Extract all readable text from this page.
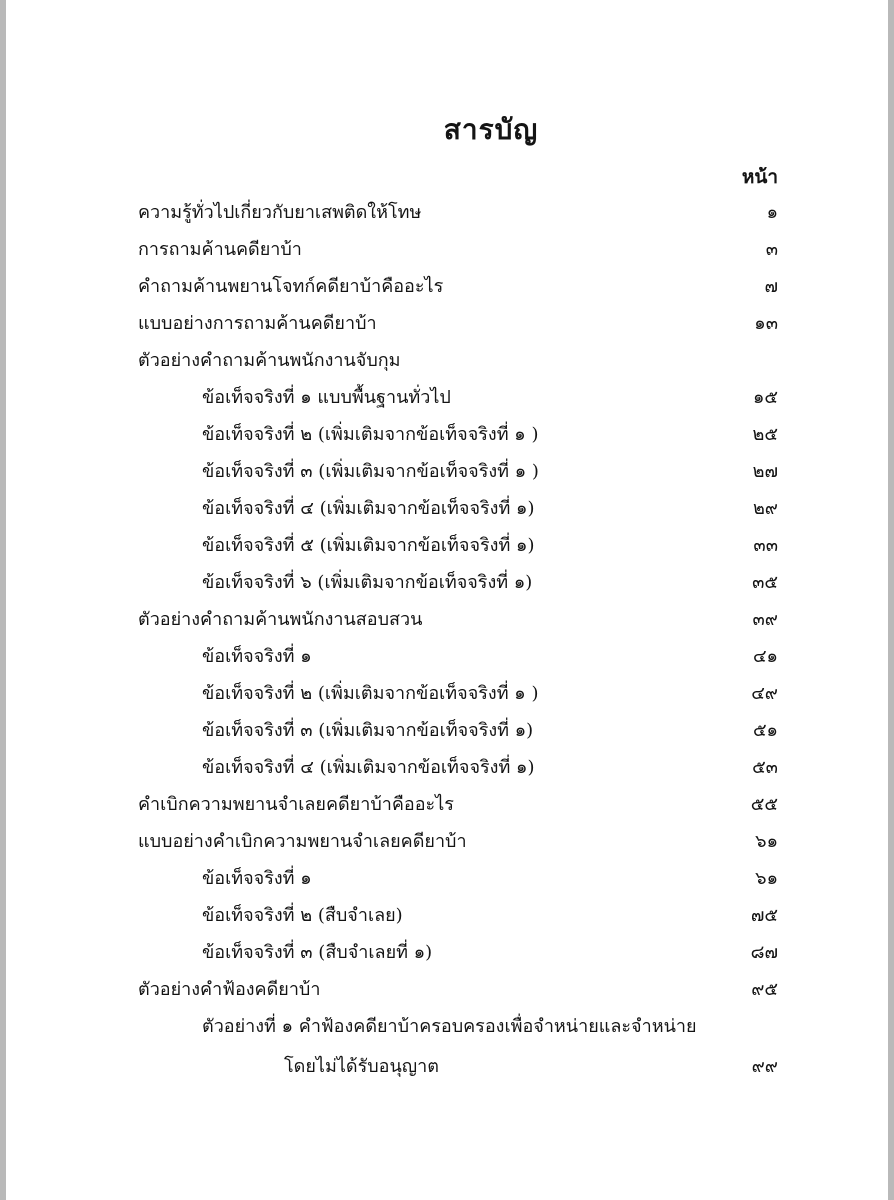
สารบัญ
หน้า
ความรู้ทั่วไปเกี่ยวกับยาเสพติดให้โทษ	๑
การถามค้านคดียาบ้า	๓
คำถามค้านพยานโจทก์คดียาบ้าคืออะไร	๗
แบบอย่างการถามค้านคดียาบ้า	๑๓
ตัวอย่างคำถามค้านพนักงานจับกุม
ข้อเท็จจริงที่ ๑ แบบพื้นฐานทั่วไป	๑๕
ข้อเท็จจริงที่ ๒ (เพิ่มเติมจากข้อเท็จจริงที่ ๑ )	๒๕
ข้อเท็จจริงที่ ๓ (เพิ่มเติมจากข้อเท็จจริงที่ ๑ )	๒๗
ข้อเท็จจริงที่ ๔ (เพิ่มเติมจากข้อเท็จจริงที่ ๑)	๒๙
ข้อเท็จจริงที่ ๕ (เพิ่มเติมจากข้อเท็จจริงที่ ๑)	๓๓
ข้อเท็จจริงที่ ๖ (เพิ่มเติมจากข้อเท็จจริงที่ ๑)	๓๕
ตัวอย่างคำถามค้านพนักงานสอบสวน	๓๙
ข้อเท็จจริงที่ ๑	๔๑
ข้อเท็จจริงที่ ๒ (เพิ่มเติมจากข้อเท็จจริงที่ ๑ )	๔๙
ข้อเท็จจริงที่ ๓ (เพิ่มเติมจากข้อเท็จจริงที่ ๑)	๕๑
ข้อเท็จจริงที่ ๔ (เพิ่มเติมจากข้อเท็จจริงที่ ๑)	๕๓
คำเบิกความพยานจำเลยคดียาบ้าคืออะไร	๕๕
แบบอย่างคำเบิกความพยานจำเลยคดียาบ้า	๖๑
ข้อเท็จจริงที่ ๑	๖๑
ข้อเท็จจริงที่ ๒ (สืบจำเลย)	๗๕
ข้อเท็จจริงที่ ๓ (สืบจำเลยที่ ๑)	๘๗
ตัวอย่างคำฟ้องคดียาบ้า	๙๕
ตัวอย่างที่ ๑ คำฟ้องคดียาบ้าครอบครองเพื่อจำหน่ายและจำหน่าย
โดยไม่ได้รับอนุญาต	๙๙
